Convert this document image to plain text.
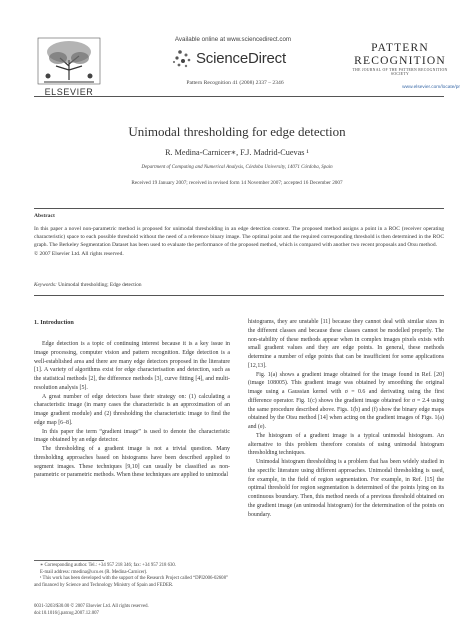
ELSEVIER
Available online at www.sciencedirect.com
ScienceDirect
Pattern Recognition 41 (2008) 2337 – 2346
PATTERN
RECOGNITION
THE JOURNAL OF THE PATTERN RECOGNITION SOCIETY
www.elsevier.com/locate/pr
Unimodal thresholding for edge detection
R. Medina-Carnicer∗, F.J. Madrid-Cuevas ¹
Department of Computing and Numerical Analysis, Córdoba University, 14071 Córdoba, Spain
Received 19 January 2007; received in revised form 14 November 2007; accepted 16 December 2007
Abstract
In this paper a novel non-parametric method is proposed for unimodal thresholding in an edge detection context. The proposed method assigns a point in a ROC (receiver operating characteristic) space to each possible threshold without the need of a reference binary image. The optimal point and the required corresponding threshold is then determined in the ROC graph. The Berkeley Segmentation Dataset has been used to evaluate the performance of the proposed method, which is compared with another two recent proposals and Otsu method.
© 2007 Elsevier Ltd. All rights reserved.
Keywords: Unimodal thresholding; Edge detection
1. Introduction

Edge detection is a topic of continuing interest because it is a key issue in image processing, computer vision and pattern recognition. Edge detection is a well-established area and there are many edge detectors proposed in the literature [1]. A variety of algorithms exist for edge characterisation and detection, such as the statistical methods [2], the difference methods [3], curve fitting [4], and multi-resolution analysis [5].

A great number of edge detectors base their strategy on: (1) calculating a characteristic image (in many cases the characteristic is an approximation of an image gradient module) and (2) thresholding the characteristic image to find the edge map [6–8].

In this paper the term “gradient image” is used to denote the characteristic image obtained by an edge detector.

The thresholding of a gradient image is not a trivial question. Many thresholding approaches based on histograms have been described applied to segment images. These techniques [9,10] can usually be classified as non-parametric or parametric methods. When these techniques are applied to unimodal

histograms, they are unstable [11] because they cannot deal with similar sizes in the different classes and because these classes cannot be modelled properly. The non-stability of these methods appear when in complex images pixels exists with small gradient values and they are edge points. In general, these methods determine a number of edge points that can be insufficient for some applications [12,13].

Fig. 1(a) shows a gradient image obtained for the image found in Ref. [20] (image 108005). This gradient image was obtained by smoothing the original image using a Gaussian kernel with σ = 0.6 and derivating using the first difference operator. Fig. 1(c) shows the gradient image obtained for σ = 2.4 using the same procedure described above. Figs. 1(b) and (f) show the binary edge maps obtained by the Otsu method [14] when acting on the gradient images of Figs. 1(a) and (e).

The histogram of a gradient image is a typical unimodal histogram. An alternative to this problem therefore consists of using unimodal histogram thresholding techniques.

Unimodal histogram thresholding is a problem that has been widely studied in the specific literature using different approaches. Unimodal thresholding is used, for example, in the field of region segmentation. For example, in Ref. [15] the optimal threshold for region segmentation is determined of the points lying on its continuous boundary. Then, this method needs of a previous threshold obtained on the gradient image (an unimodal histogram) for the determination of the points on boundary.

∗ Corresponding author. Tel.: +34 957 218 346; fax: +34 957 218 630.

E-mail address: rmedina@uco.es (R. Medina-Carnicer).

¹ This work has been developed with the support of the Research Project called “DPI2006-02608” and financed by Science and Technology Ministry of Spain and FEDER.

0031-3203/$30.00 © 2007 Elsevier Ltd. All rights reserved.
doi:10.1016/j.patcog.2007.12.007
